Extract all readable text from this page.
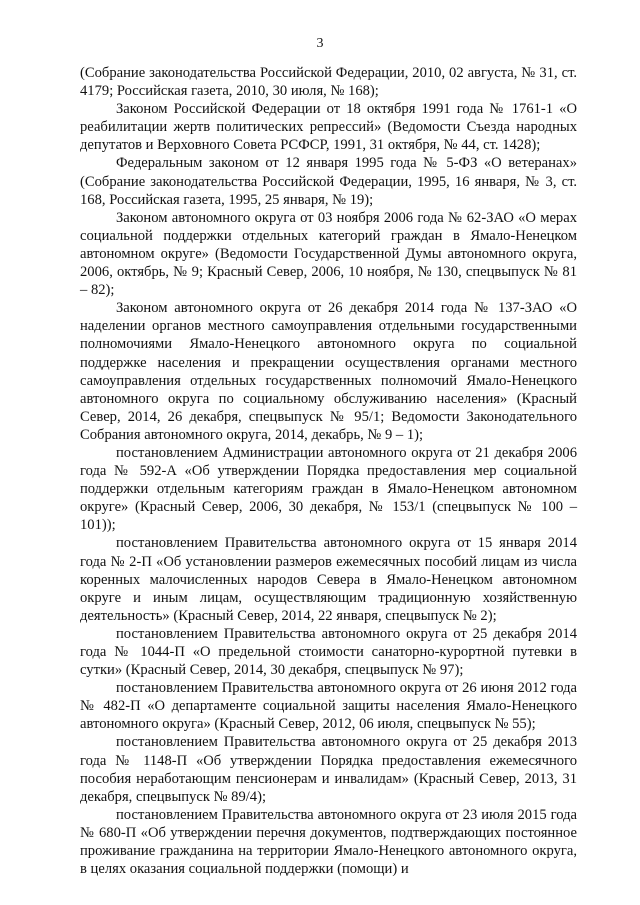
3

(Собрание законодательства Российской Федерации, 2010, 02 августа, № 31, ст. 4179; Российская газета, 2010, 30 июля, № 168);

Законом Российской Федерации от 18 октября 1991 года № 1761-1 «О реабилитации жертв политических репрессий» (Ведомости Съезда народных депутатов и Верховного Совета РСФСР, 1991, 31 октября, № 44, ст. 1428);

Федеральным законом от 12 января 1995 года № 5-ФЗ «О ветеранах» (Собрание законодательства Российской Федерации, 1995, 16 января, № 3, ст. 168, Российская газета, 1995, 25 января, № 19);

Законом автономного округа от 03 ноября 2006 года № 62-ЗАО «О мерах социальной поддержки отдельных категорий граждан в Ямало-Ненецком автономном округе» (Ведомости Государственной Думы автономного округа, 2006, октябрь, № 9; Красный Север, 2006, 10 ноября, № 130, спецвыпуск № 81 – 82);

Законом автономного округа от 26 декабря 2014 года № 137-ЗАО «О наделении органов местного самоуправления отдельными государственными полномочиями Ямало-Ненецкого автономного округа по социальной поддержке населения и прекращении осуществления органами местного самоуправления отдельных государственных полномочий Ямало-Ненецкого автономного округа по социальному обслуживанию населения» (Красный Север, 2014, 26 декабря, спецвыпуск № 95/1; Ведомости Законодательного Собрания автономного округа, 2014, декабрь, № 9 – 1);

постановлением Администрации автономного округа от 21 декабря 2006 года № 592-А «Об утверждении Порядка предоставления мер социальной поддержки отдельным категориям граждан в Ямало-Ненецком автономном округе» (Красный Север, 2006, 30 декабря, № 153/1 (спецвыпуск № 100 – 101));

постановлением Правительства автономного округа от 15 января 2014 года № 2-П «Об установлении размеров ежемесячных пособий лицам из числа коренных малочисленных народов Севера в Ямало-Ненецком автономном округе и иным лицам, осуществляющим традиционную хозяйственную деятельность» (Красный Север, 2014, 22 января, спецвыпуск № 2);

постановлением Правительства автономного округа от 25 декабря 2014 года № 1044-П «О предельной стоимости санаторно-курортной путевки в сутки» (Красный Север, 2014, 30 декабря, спецвыпуск № 97);

постановлением Правительства автономного округа от 26 июня 2012 года № 482-П «О департаменте социальной защиты населения Ямало-Ненецкого автономного округа» (Красный Север, 2012, 06 июля, спецвыпуск № 55);

постановлением Правительства автономного округа от 25 декабря 2013 года № 1148-П «Об утверждении Порядка предоставления ежемесячного пособия неработающим пенсионерам и инвалидам» (Красный Север, 2013, 31 декабря, спецвыпуск № 89/4);

постановлением Правительства автономного округа от 23 июля 2015 года № 680-П «Об утверждении перечня документов, подтверждающих постоянное проживание гражданина на территории Ямало-Ненецкого автономного округа, в целях оказания социальной поддержки (помощи) и
